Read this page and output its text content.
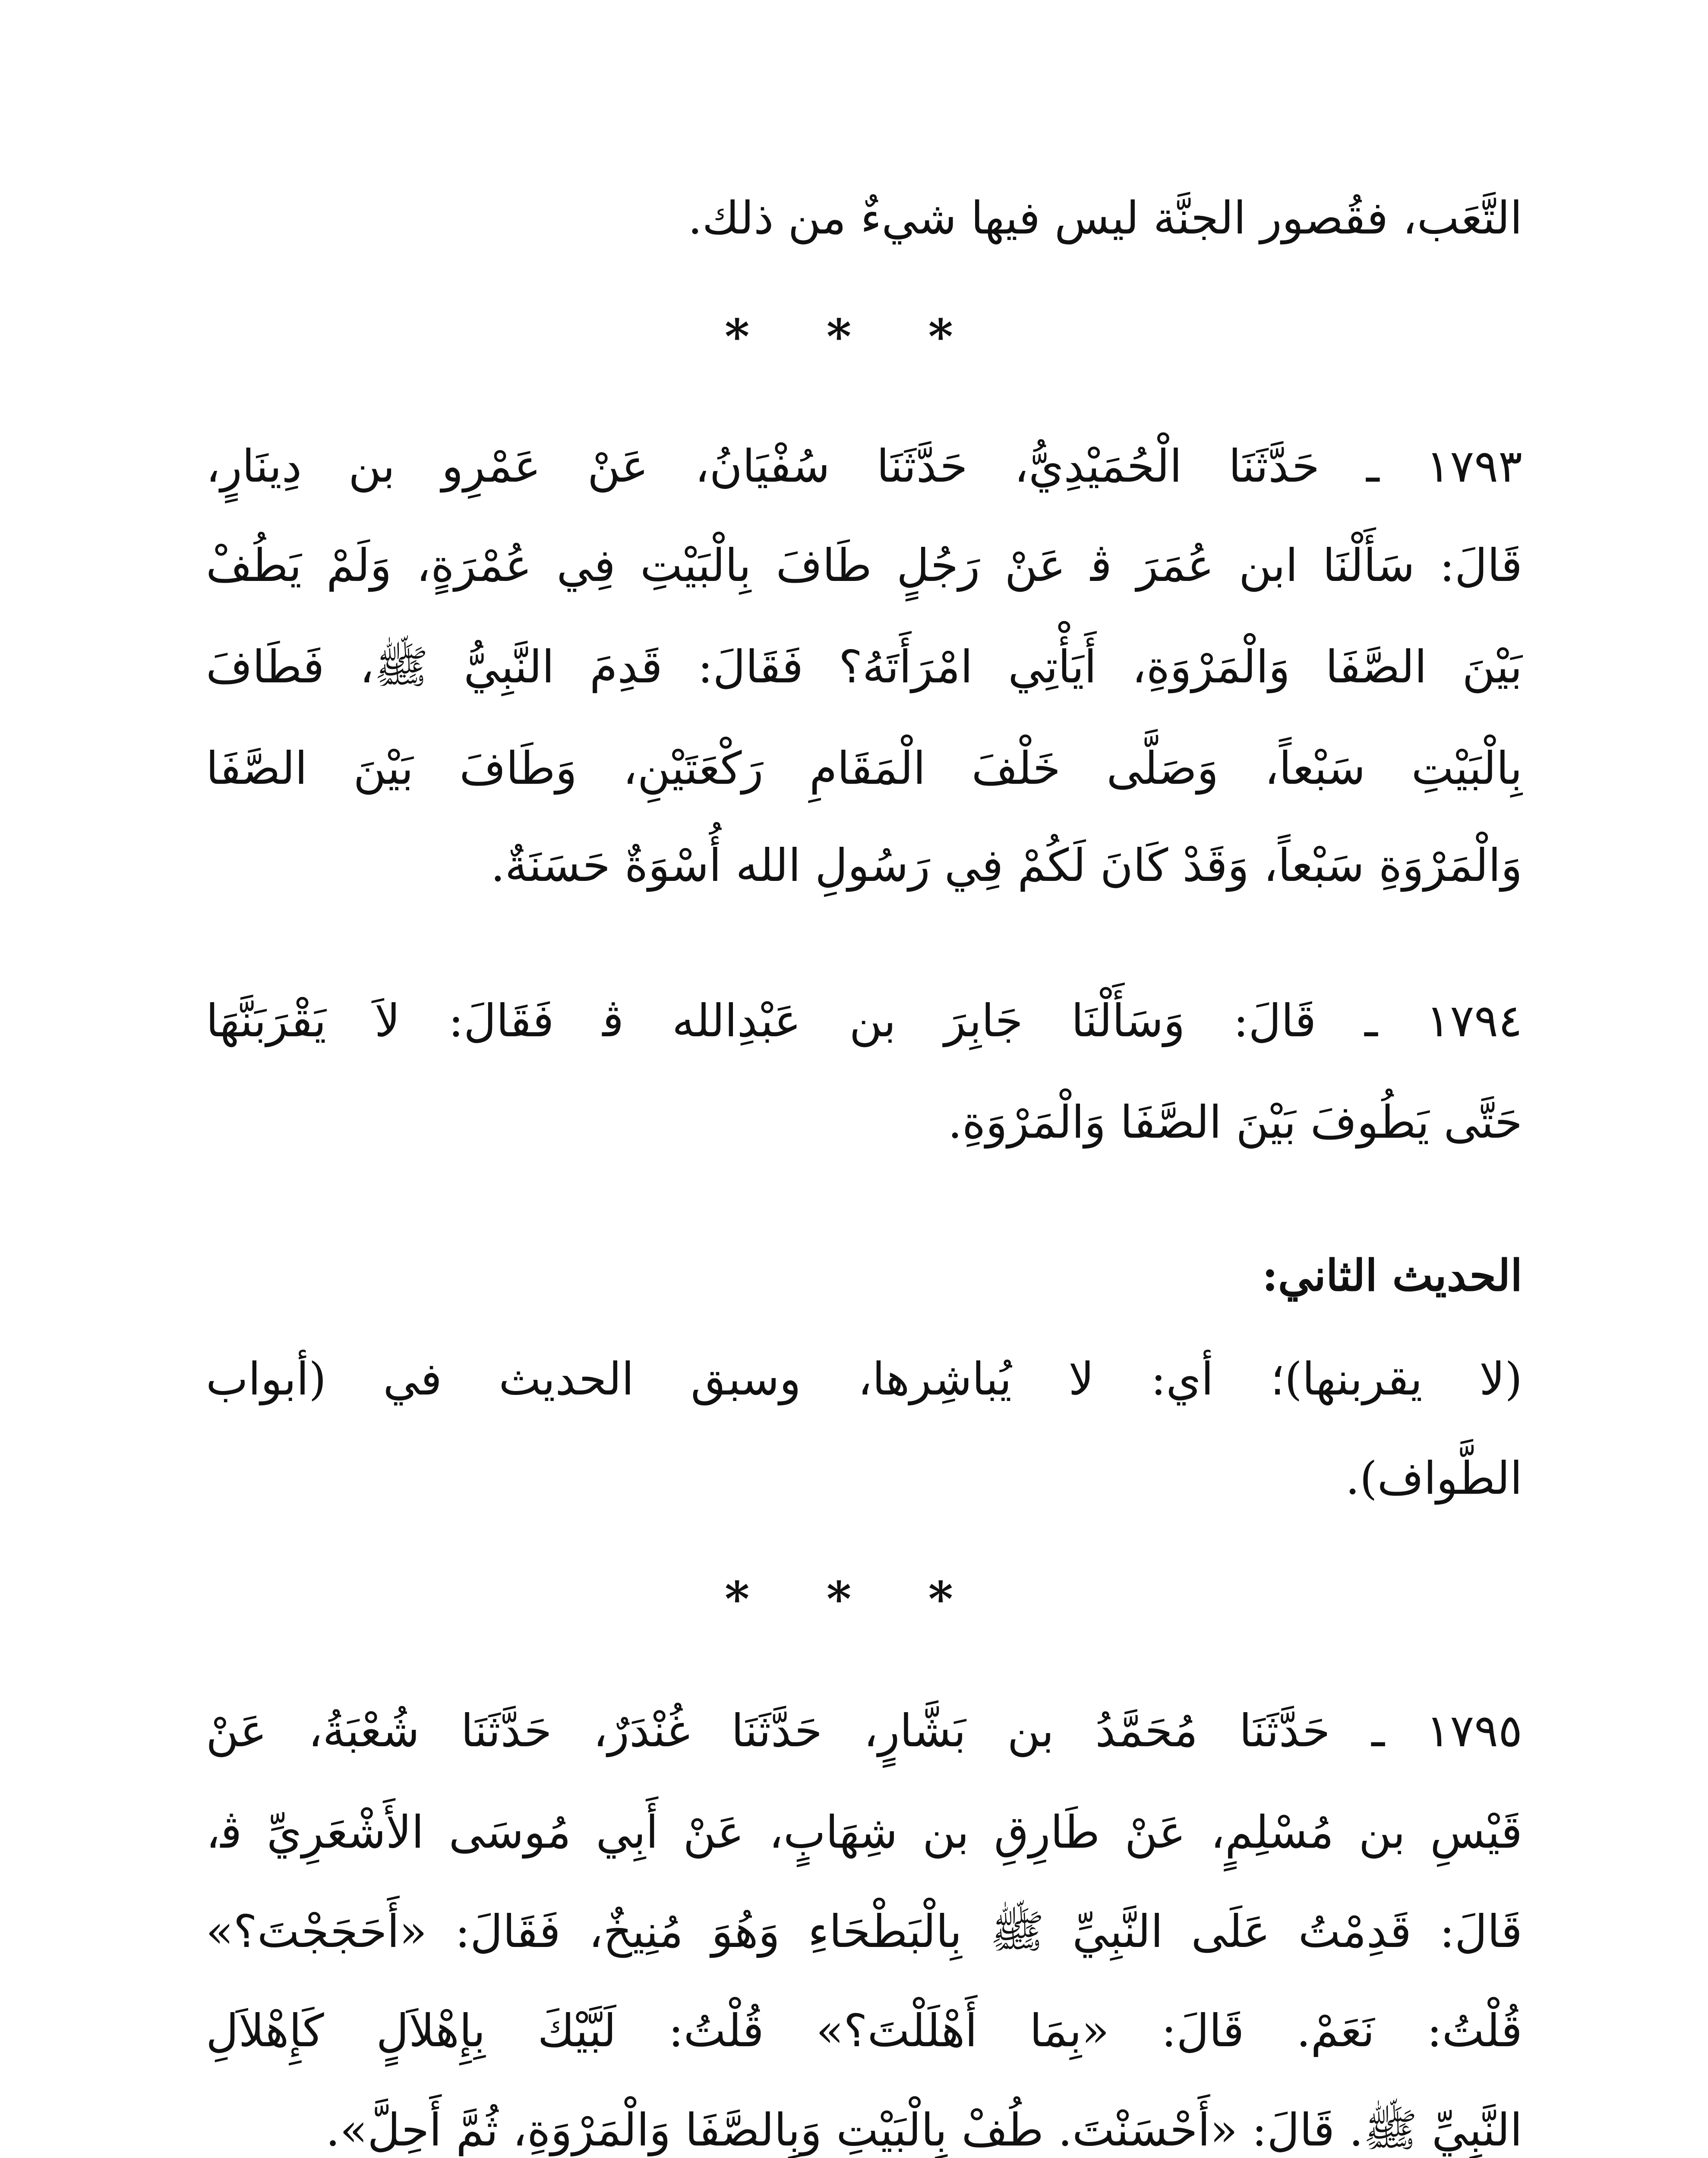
التَّعَب، فقُصور الجنَّة ليس فيها شيءٌ من ذلك.
* * *
١٧٩٣ ـ حَدَّثَنَا الْحُمَيْدِيُّ، حَدَّثَنَا سُفْيَانُ، عَنْ عَمْرِو بن دِينَارٍ،
قَالَ: سَأَلْنَا ابن عُمَرَ ﭬ عَنْ رَجُلٍ طَافَ بِالْبَيْتِ فِي عُمْرَةٍ، وَلَمْ يَطُفْ
بَيْنَ الصَّفَا وَالْمَرْوَةِ، أَيَأْتِي امْرَأَتَهُ؟ فَقَالَ: قَدِمَ النَّبِيُّ ﷺ، فَطَافَ
بِالْبَيْتِ سَبْعاً، وَصَلَّى خَلْفَ الْمَقَامِ رَكْعَتَيْنِ، وَطَافَ بَيْنَ الصَّفَا
وَالْمَرْوَةِ سَبْعاً، وَقَدْ كَانَ لَكُمْ فِي رَسُولِ الله أُسْوَةٌ حَسَنَةٌ.
١٧٩٤ ـ قَالَ: وَسَأَلْنَا جَابِرَ بن عَبْدِالله ﭬ فَقَالَ: لاَ يَقْرَبَنَّهَا
حَتَّى يَطُوفَ بَيْنَ الصَّفَا وَالْمَرْوَةِ.
الحديث الثاني:
(لا يقربنها)؛ أي: لا يُباشِرها، وسبق الحديث في (أبواب
الطَّواف).
* * *
١٧٩٥ ـ حَدَّثَنَا مُحَمَّدُ بن بَشَّارٍ، حَدَّثَنَا غُنْدَرٌ، حَدَّثَنَا شُعْبَةُ، عَنْ
قَيْسِ بن مُسْلِمٍ، عَنْ طَارِقِ بن شِهَابٍ، عَنْ أَبِي مُوسَى الأَشْعَرِيِّ ﭬ،
قَالَ: قَدِمْتُ عَلَى النَّبِيِّ ﷺ بِالْبَطْحَاءِ وَهُوَ مُنِيخٌ، فَقَالَ: «أَحَجَجْتَ؟»
قُلْتُ: نَعَمْ. قَالَ: «بِمَا أَهْلَلْتَ؟» قُلْتُ: لَبَّيْكَ بِإِهْلاَلٍ كَإِهْلاَلِ
النَّبِيِّ ﷺ. قَالَ: «أَحْسَنْتَ. طُفْ بِالْبَيْتِ وَبِالصَّفَا وَالْمَرْوَةِ، ثُمَّ أَحِلَّ».
